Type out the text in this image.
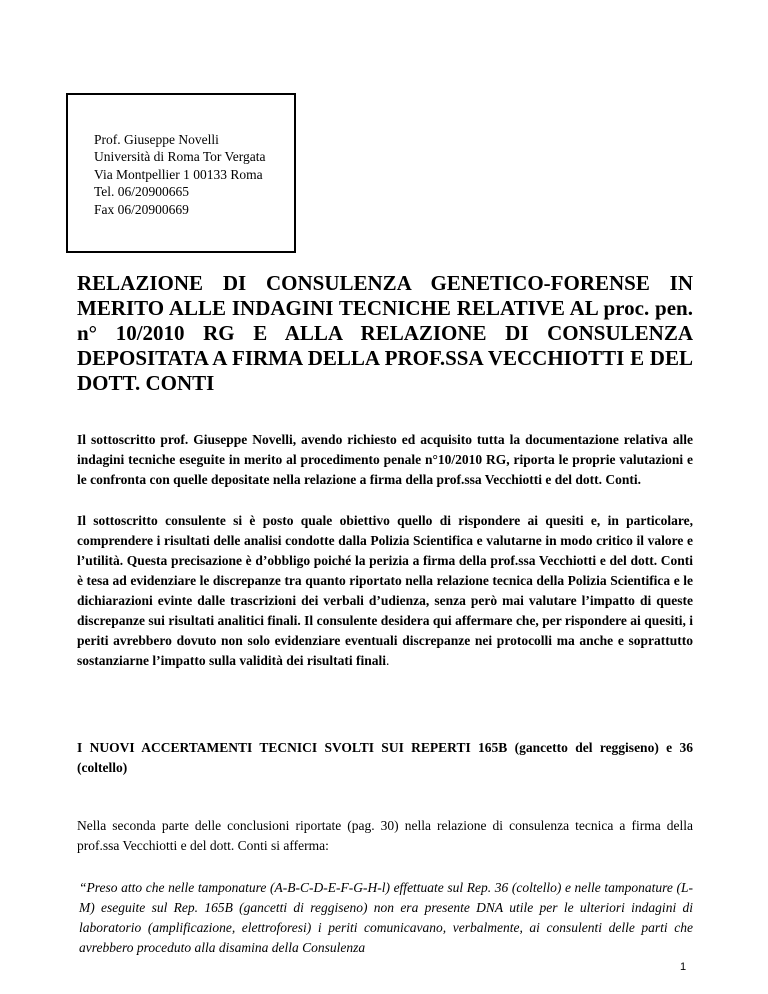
Prof. Giuseppe Novelli
Università di Roma Tor Vergata
Via Montpellier 1 00133 Roma
Tel. 06/20900665
Fax 06/20900669
RELAZIONE DI CONSULENZA GENETICO-FORENSE IN MERITO ALLE INDAGINI TECNICHE RELATIVE AL proc. pen. n° 10/2010 RG E ALLA RELAZIONE DI CONSULENZA DEPOSITATA A FIRMA DELLA PROF.SSA VECCHIOTTI E DEL DOTT. CONTI
Il sottoscritto prof. Giuseppe Novelli, avendo richiesto ed acquisito tutta la documentazione relativa alle indagini tecniche eseguite in merito al procedimento penale n°10/2010 RG, riporta le proprie valutazioni e le confronta con quelle depositate nella relazione a firma della prof.ssa Vecchiotti e del dott. Conti.
Il sottoscritto consulente si è posto quale obiettivo quello di rispondere ai quesiti e, in particolare, comprendere i risultati delle analisi condotte dalla Polizia Scientifica e valutarne in modo critico il valore e l’utilità. Questa precisazione è d’obbligo poiché la perizia a firma della prof.ssa Vecchiotti e del dott. Conti è tesa ad evidenziare le discrepanze tra quanto riportato nella relazione tecnica della Polizia Scientifica e le dichiarazioni evinte dalle trascrizioni dei verbali d’udienza, senza però mai valutare l’impatto di queste discrepanze sui risultati analitici finali. Il consulente desidera qui affermare che, per rispondere ai quesiti, i periti avrebbero dovuto non solo evidenziare eventuali discrepanze nei protocolli ma anche e soprattutto sostanziarne l’impatto sulla validità dei risultati finali.
I NUOVI ACCERTAMENTI TECNICI SVOLTI SUI REPERTI 165B (gancetto del reggiseno) e 36 (coltello)
Nella seconda parte delle conclusioni riportate (pag. 30) nella relazione di consulenza tecnica a firma della prof.ssa Vecchiotti e del dott. Conti si afferma:
“Preso atto che nelle tamponature (A-B-C-D-E-F-G-H-l) effettuate sul Rep. 36 (coltello) e nelle tamponature (L-M) eseguite sul Rep. 165B (gancetti di reggiseno) non era presente DNA utile per le ulteriori indagini di laboratorio (amplificazione, elettroforesi) i periti comunicavano, verbalmente, ai consulenti delle parti che avrebbero proceduto alla disamina della Consulenza
1
